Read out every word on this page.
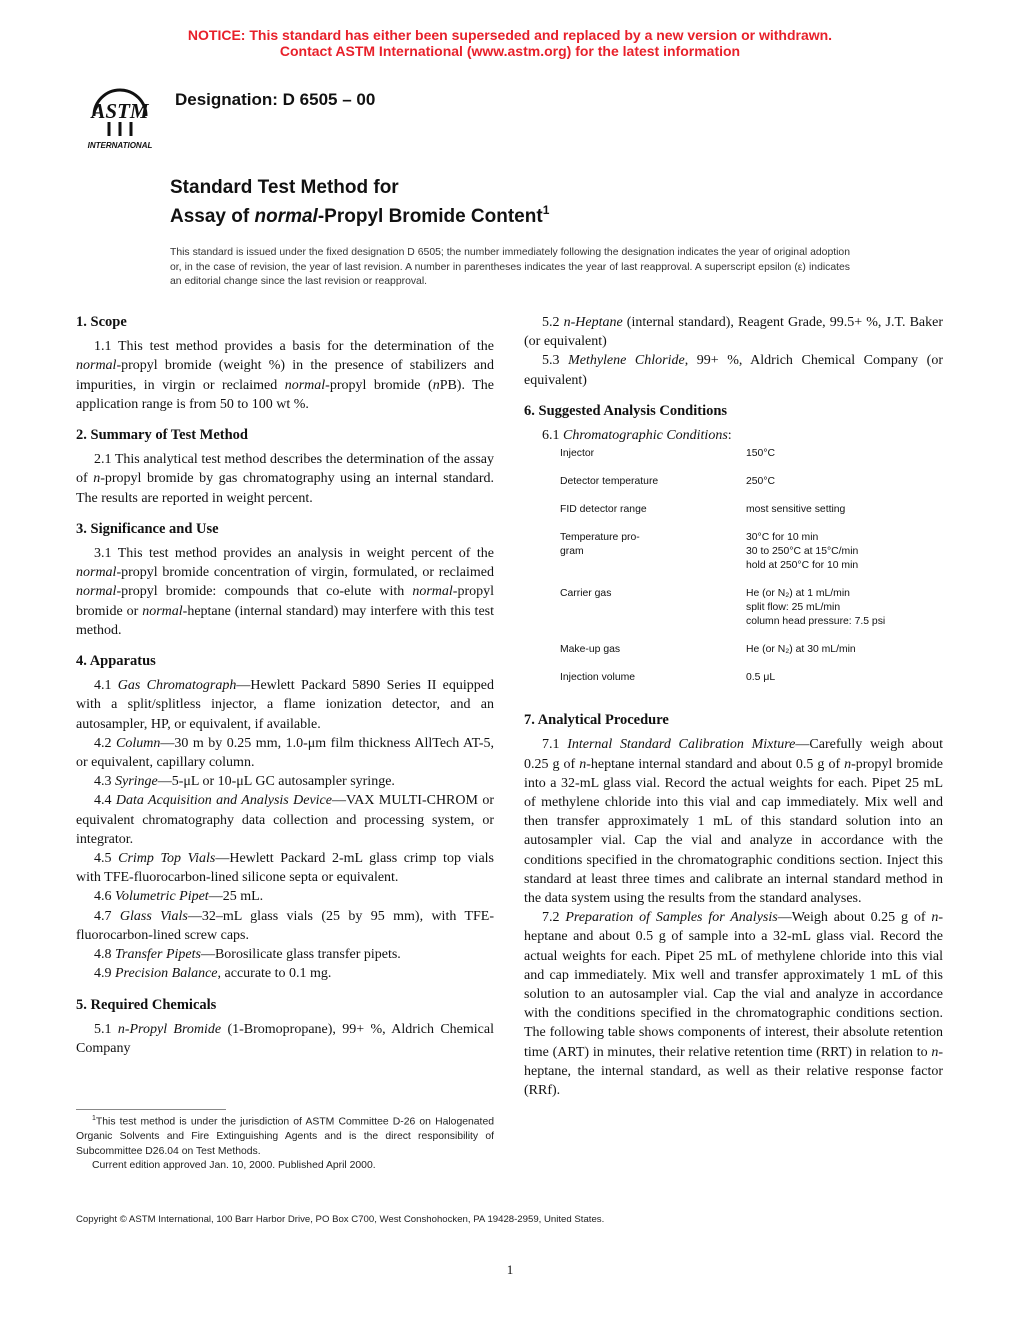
NOTICE: This standard has either been superseded and replaced by a new version or withdrawn.
Contact ASTM International (www.astm.org) for the latest information
ASTM
INTERNATIONAL
Designation: D 6505 – 00
Standard Test Method for
Assay of normal-Propyl Bromide Content$^1$
This standard is issued under the fixed designation D 6505; the number immediately following the designation indicates the year of original adoption or, in the case of revision, the year of last revision. A number in parentheses indicates the year of last reapproval. A superscript epsilon (ε) indicates an editorial change since the last revision or reapproval.
1. Scope

1.1 This test method provides a basis for the determination of the normal-propyl bromide (weight %) in the presence of stabilizers and impurities, in virgin or reclaimed normal-propyl bromide (nPB). The application range is from 50 to 100 wt %.

2. Summary of Test Method

2.1 This analytical test method describes the determination of the assay of n-propyl bromide by gas chromatography using an internal standard. The results are reported in weight percent.

3. Significance and Use

3.1 This test method provides an analysis in weight percent of the normal-propyl bromide concentration of virgin, formulated, or reclaimed normal-propyl bromide: compounds that co-elute with normal-propyl bromide or normal-heptane (internal standard) may interfere with this test method.

4. Apparatus

4.1 Gas Chromatograph—Hewlett Packard 5890 Series II equipped with a split/splitless injector, a flame ionization detector, and an autosampler, HP, or equivalent, if available.

4.2 Column—30 m by 0.25 mm, 1.0-μm film thickness AllTech AT-5, or equivalent, capillary column.

4.3 Syringe—5-μL or 10-μL GC autosampler syringe.

4.4 Data Acquisition and Analysis Device—VAX MULTI-CHROM or equivalent chromatography data collection and processing system, or integrator.

4.5 Crimp Top Vials—Hewlett Packard 2-mL glass crimp top vials with TFE-fluorocarbon-lined silicone septa or equivalent.

4.6 Volumetric Pipet—25 mL.

4.7 Glass Vials—32–mL glass vials (25 by 95 mm), with TFE-fluorocarbon-lined screw caps.

4.8 Transfer Pipets—Borosilicate glass transfer pipets.

4.9 Precision Balance, accurate to 0.1 mg.

5. Required Chemicals

5.1 n-Propyl Bromide (1-Bromopropane), 99+ %, Aldrich Chemical Company

5.2 n-Heptane (internal standard), Reagent Grade, 99.5+ %, J.T. Baker (or equivalent)

5.3 Methylene Chloride, 99+ %, Aldrich Chemical Company (or equivalent)

6. Suggested Analysis Conditions

6.1 Chromatographic Conditions:

Injector	150°C
Detector temperature	250°C
FID detector range	most sensitive setting
Temperature pro-
gram	30°C for 10 min
30 to 250°C at 15°C/min
hold at 250°C for 10 min
Carrier gas	He (or N₂) at 1 mL/min
split flow: 25 mL/min
column head pressure: 7.5 psi
Make-up gas	He (or N₂) at 30 mL/min
Injection volume	0.5 μL
7. Analytical Procedure

7.1 Internal Standard Calibration Mixture—Carefully weigh about 0.25 g of n-heptane internal standard and about 0.5 g of n-propyl bromide into a 32-mL glass vial. Record the actual weights for each. Pipet 25 mL of methylene chloride into this vial and cap immediately. Mix well and then transfer approximately 1 mL of this standard solution into an autosampler vial. Cap the vial and analyze in accordance with the conditions specified in the chromatographic conditions section. Inject this standard at least three times and calibrate an internal standard method in the data system using the results from the standard analyses.

7.2 Preparation of Samples for Analysis—Weigh about 0.25 g of n-heptane and about 0.5 g of sample into a 32-mL glass vial. Record the actual weights for each. Pipet 25 mL of methylene chloride into this vial and cap immediately. Mix well and transfer approximately 1 mL of this solution to an autosampler vial. Cap the vial and analyze in accordance with the conditions specified in the chromatographic conditions section. The following table shows components of interest, their absolute retention time (ART) in minutes, their relative retention time (RRT) in relation to n-heptane, the internal standard, as well as their relative response factor (RRf).

$^1$This test method is under the jurisdiction of ASTM Committee D-26 on Halogenated Organic Solvents and Fire Extinguishing Agents and is the direct responsibility of Subcommittee D26.04 on Test Methods.

Current edition approved Jan. 10, 2000. Published April 2000.

Copyright © ASTM International, 100 Barr Harbor Drive, PO Box C700, West Conshohocken, PA 19428-2959, United States.
1
